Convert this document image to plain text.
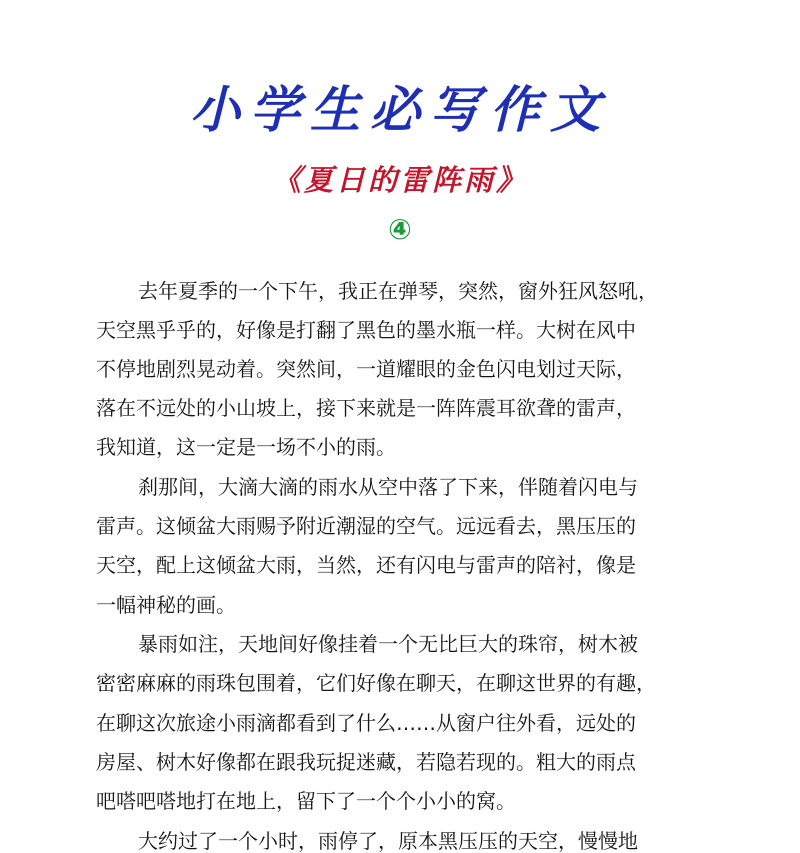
小学生必写作文
《夏日的雷阵雨》
④
去年夏季的一个下午，我正在弹琴，突然，窗外狂风怒吼，
天空黑乎乎的，好像是打翻了黑色的墨水瓶一样。大树在风中
不停地剧烈晃动着。突然间，一道耀眼的金色闪电划过天际，
落在不远处的小山坡上，接下来就是一阵阵震耳欲聋的雷声，
我知道，这一定是一场不小的雨。
刹那间，大滴大滴的雨水从空中落了下来，伴随着闪电与
雷声。这倾盆大雨赐予附近潮湿的空气。远远看去，黑压压的
天空，配上这倾盆大雨，当然，还有闪电与雷声的陪衬，像是
一幅神秘的画。
暴雨如注，天地间好像挂着一个无比巨大的珠帘，树木被
密密麻麻的雨珠包围着，它们好像在聊天，在聊这世界的有趣，
在聊这次旅途小雨滴都看到了什么……从窗户往外看，远处的
房屋、树木好像都在跟我玩捉迷藏，若隐若现的。粗大的雨点
吧嗒吧嗒地打在地上，留下了一个个小小的窝。
大约过了一个小时，雨停了，原本黑压压的天空，慢慢地
